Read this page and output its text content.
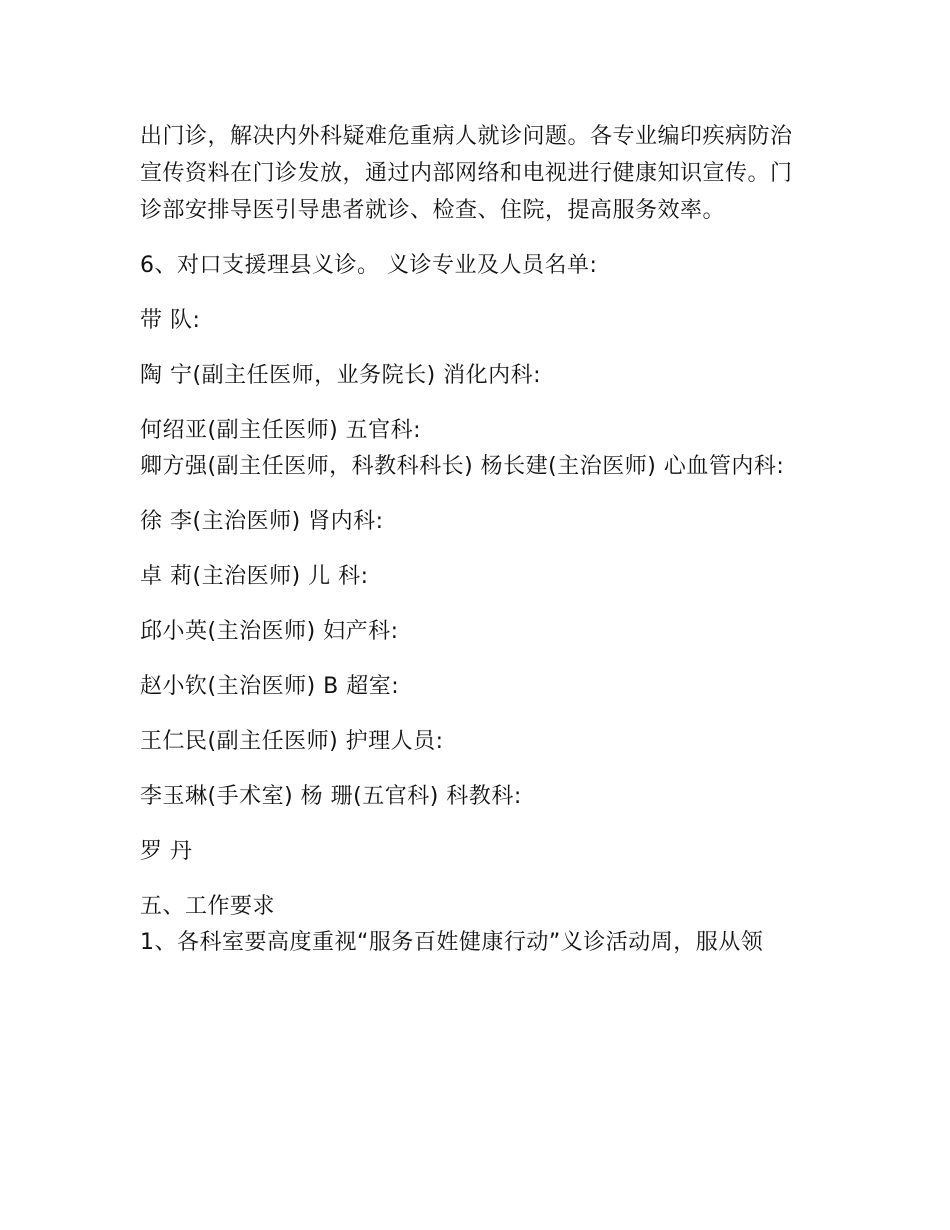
出门诊，解决内外科疑难危重病人就诊问题。各专业编印疾病防治宣传资料在门诊发放，通过内部网络和电视进行健康知识宣传。门诊部安排导医引导患者就诊、检查、住院，提高服务效率。

6、对口支援理县义诊。 义诊专业及人员名单:

带 队:

陶 宁(副主任医师，业务院长) 消化内科:

何绍亚(副主任医师) 五官科:

卿方强(副主任医师，科教科科长) 杨长建(主治医师) 心血管内科:

徐 李(主治医师) 肾内科:

卓 莉(主治医师) 儿 科:

邱小英(主治医师) 妇产科:

赵小钦(主治医师) B 超室:

王仁民(副主任医师) 护理人员:

李玉琳(手术室) 杨 珊(五官科) 科教科:

罗 丹

五、工作要求

1、各科室要高度重视“服务百姓健康行动”义诊活动周，服从领
